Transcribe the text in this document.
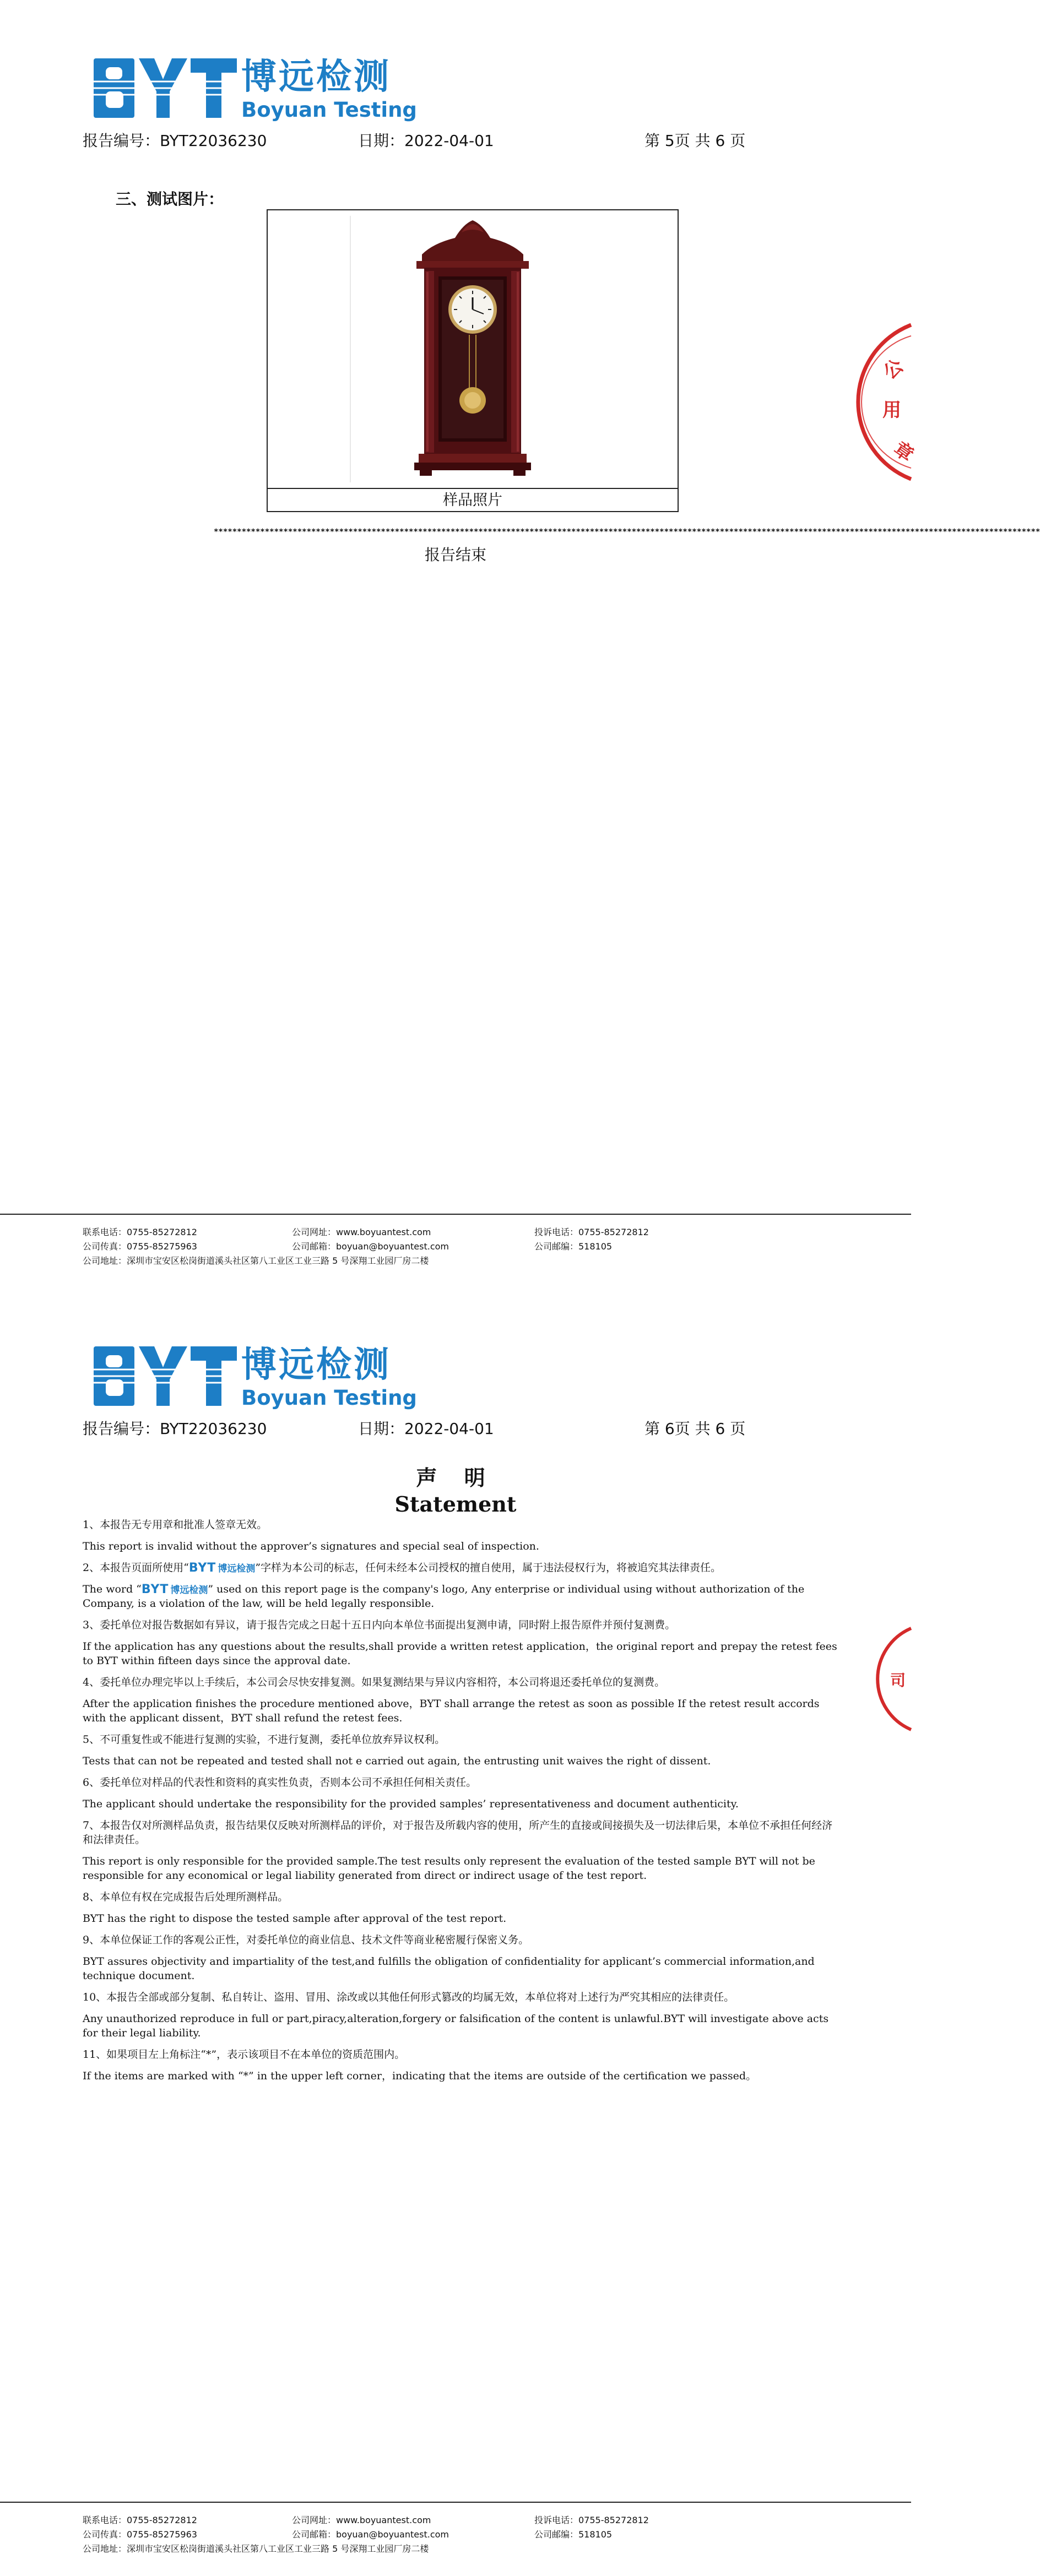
博远检测
Boyuan Testing
报告编号：BYT22036230	日期：2022-04-01	第 5页 共 6 页
三、测试图片：
样品照片
**********************************************************************************************************************************************************************************
报告结束
公
用
章
联系电话：0755-85272812	公司网址：www.boyuantest.com	投诉电话：0755-85272812
公司传真：0755-85275963	公司邮箱：boyuan@boyuantest.com	公司邮编：518105
公司地址：深圳市宝安区松岗街道溪头社区第八工业区工业三路 5 号深翔工业园厂房二楼
博远检测
Boyuan Testing
报告编号：BYT22036230	日期：2022-04-01	第 6页 共 6 页
司
联系电话：0755-85272812	公司网址：www.boyuantest.com	投诉电话：0755-85272812
公司传真：0755-85275963	公司邮箱：boyuan@boyuantest.com	公司邮编：518105
公司地址：深圳市宝安区松岗街道溪头社区第八工业区工业三路 5 号深翔工业园厂房二楼
声 明
Statement

1、本报告无专用章和批准人签章无效。

This report is invalid without the approver’s signatures and special seal of inspection.

2、本报告页面所使用“BYT 博远检测”字样为本公司的标志，任何未经本公司授权的擅自使用，属于违法侵权行为，将被追究其法律责任。

The word “BYT 博远检测” used on this report page is the company's logo, Any enterprise or individual using without authorization of the Company, is a violation of the law, will be held legally responsible.

3、委托单位对报告数据如有异议，请于报告完成之日起十五日内向本单位书面提出复测申请，同时附上报告原件并预付复测费。

If the application has any questions about the results,shall provide a written retest application，the original report and prepay the retest fees to BYT within fifteen days since the approval date.

4、委托单位办理完毕以上手续后，本公司会尽快安排复测。如果复测结果与异议内容相符，本公司将退还委托单位的复测费。

After the application finishes the procedure mentioned above，BYT shall arrange the retest as soon as possible If the retest result accords with the applicant dissent，BYT shall refund the retest fees.

5、不可重复性或不能进行复测的实验，不进行复测，委托单位放弃异议权利。

Tests that can not be repeated and tested shall not e carried out again, the entrusting unit waives the right of dissent.

6、委托单位对样品的代表性和资料的真实性负责，否则本公司不承担任何相关责任。

The applicant should undertake the responsibility for the provided samples’ representativeness and document authenticity.

7、本报告仅对所测样品负责，报告结果仅反映对所测样品的评价，对于报告及所载内容的使用，所产生的直接或间接损失及一切法律后果，本单位不承担任何经济和法律责任。

This report is only responsible for the provided sample.The test results only represent the evaluation of the tested sample BYT will not be responsible for any economical or legal liability generated from direct or indirect usage of the test report.

8、本单位有权在完成报告后处理所测样品。

BYT has the right to dispose the tested sample after approval of the test report.

9、本单位保证工作的客观公正性，对委托单位的商业信息、技术文件等商业秘密履行保密义务。

BYT assures objectivity and impartiality of the test,and fulfills the obligation of confidentiality for applicant’s commercial information,and technique document.

10、本报告全部或部分复制、私自转让、盗用、冒用、涂改或以其他任何形式篡改的均属无效，本单位将对上述行为严究其相应的法律责任。

Any unauthorized reproduce in full or part,piracy,alteration,forgery or falsification of the content is unlawful.BYT will investigate above acts for their legal liability.

11、如果项目左上角标注“*”，表示该项目不在本单位的资质范围内。

If the items are marked with “*” in the upper left corner，indicating that the items are outside of the certification we passed。
